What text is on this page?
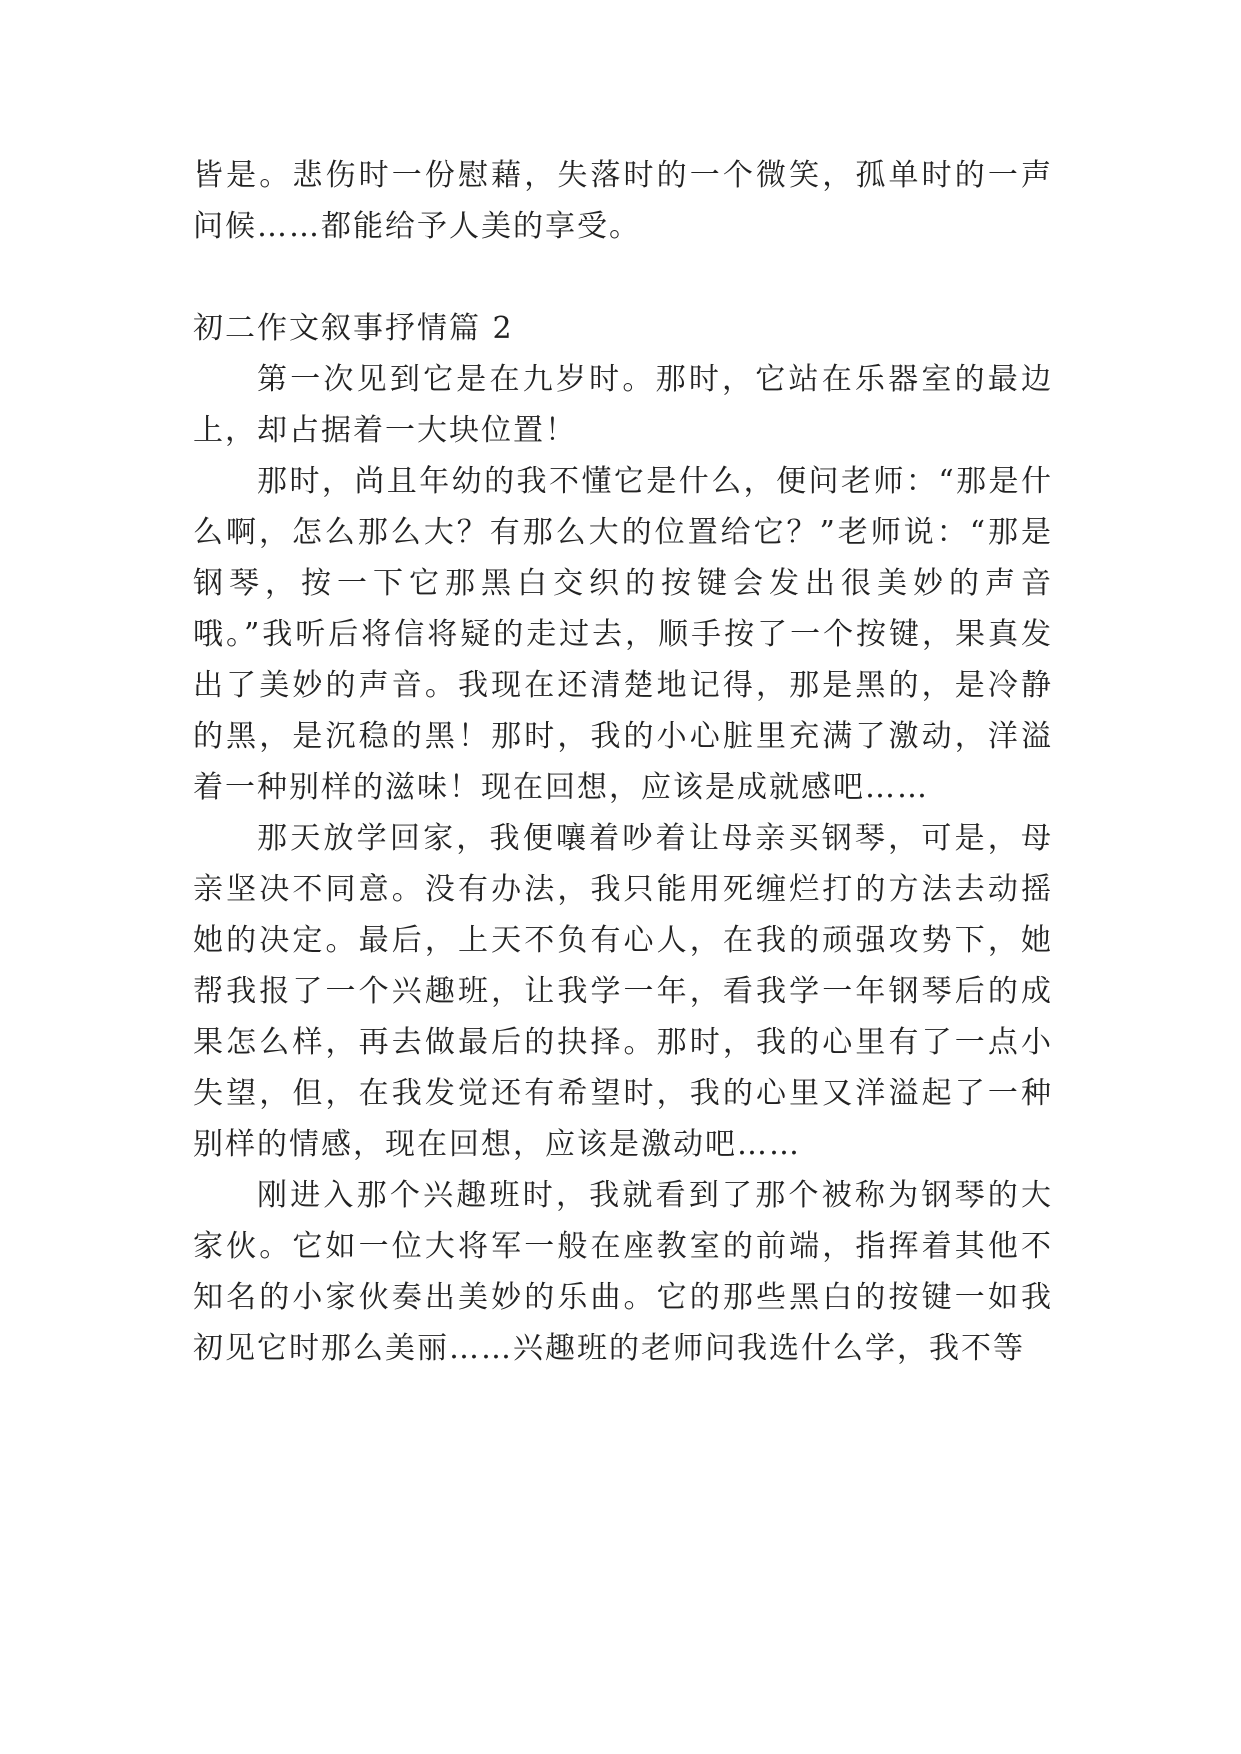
皆是。悲伤时一份慰藉，失落时的一个微笑，孤单时的一声问候……都能给予人美的享受。

初二作文叙事抒情篇 2

第一次见到它是在九岁时。那时，它站在乐器室的最边上，却占据着一大块位置！

那时，尚且年幼的我不懂它是什么，便问老师：“那是什么啊，怎么那么大？有那么大的位置给它？”老师说：“那是钢琴，按一下它那黑白交织的按键会发出很美妙的声音哦。”我听后将信将疑的走过去，顺手按了一个按键，果真发出了美妙的声音。我现在还清楚地记得，那是黑的，是冷静的黑，是沉稳的黑！那时，我的小心脏里充满了激动，洋溢着一种别样的滋味！现在回想，应该是成就感吧……

那天放学回家，我便嚷着吵着让母亲买钢琴，可是，母亲坚决不同意。没有办法，我只能用死缠烂打的方法去动摇她的决定。最后，上天不负有心人，在我的顽强攻势下，她帮我报了一个兴趣班，让我学一年，看我学一年钢琴后的成果怎么样，再去做最后的抉择。那时，我的心里有了一点小失望，但，在我发觉还有希望时，我的心里又洋溢起了一种别样的情感，现在回想，应该是激动吧……

刚进入那个兴趣班时，我就看到了那个被称为钢琴的大家伙。它如一位大将军一般在座教室的前端，指挥着其他不知名的小家伙奏出美妙的乐曲。它的那些黑白的按键一如我初见它时那么美丽……兴趣班的老师问我选什么学，我不等
